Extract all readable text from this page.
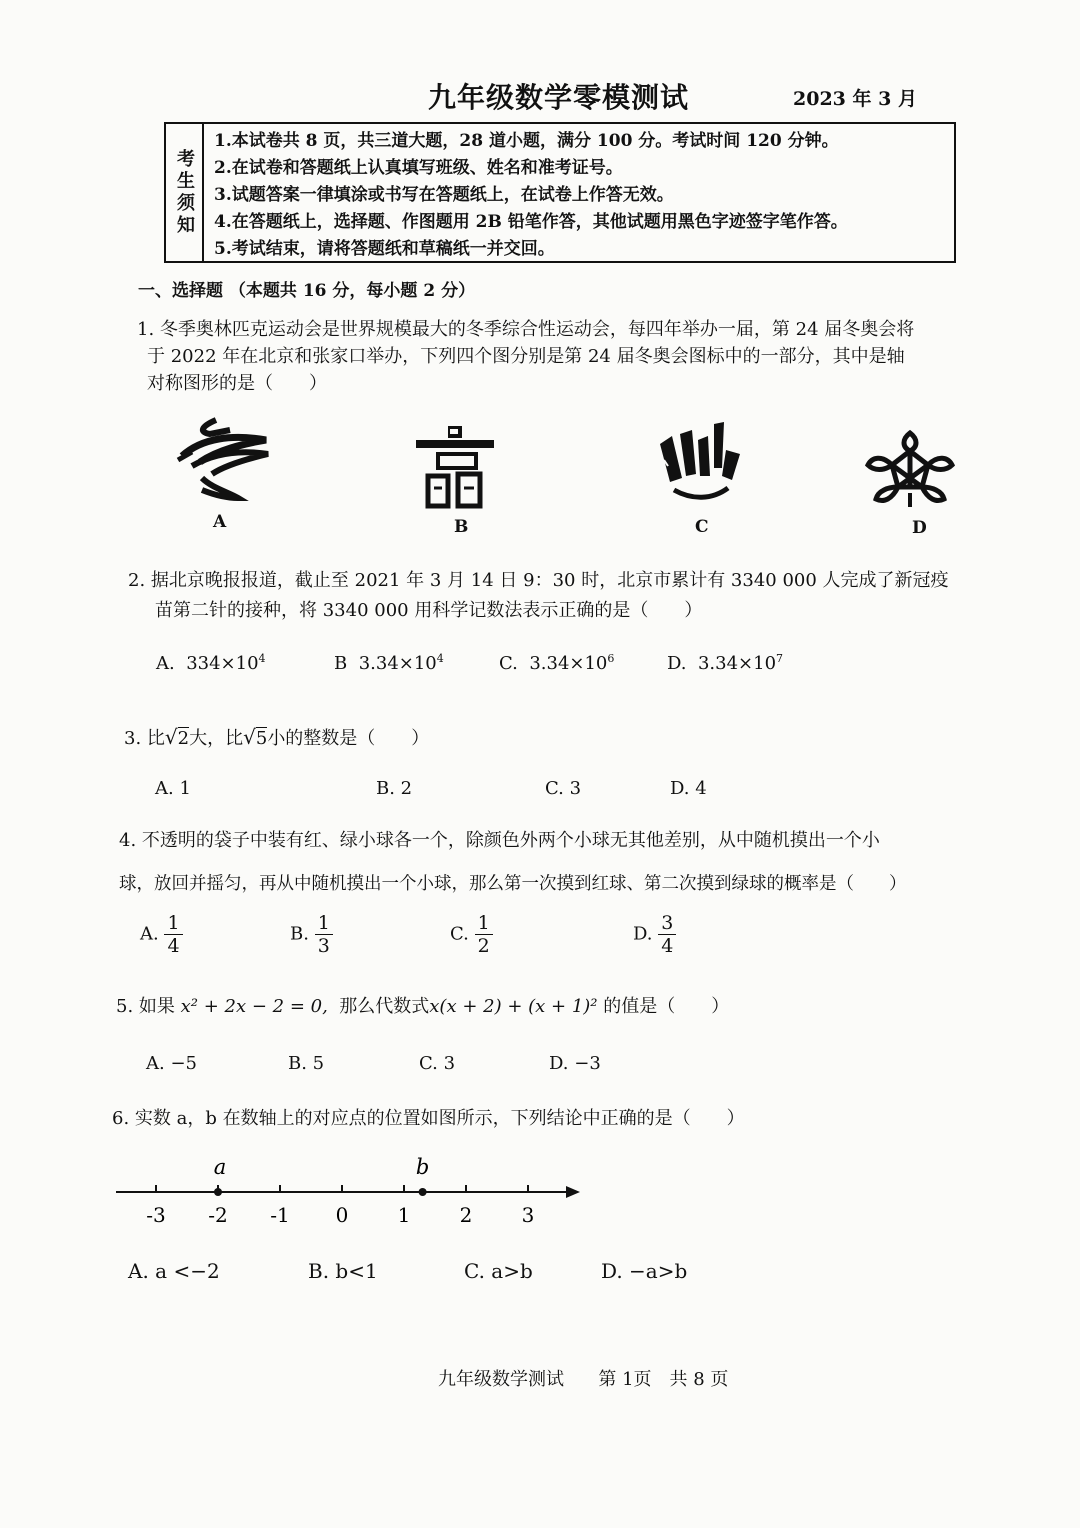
九年级数学零模测试	2023 年 3 月
考生须知
1.本试卷共 8 页，共三道大题，28 道小题，满分 100 分。考试时间 120 分钟。
2.在试卷和答题纸上认真填写班级、姓名和准考证号。
3.试题答案一律填涂或书写在答题纸上，在试卷上作答无效。
4.在答题纸上，选择题、作图题用 2B 铅笔作答，其他试题用黑色字迹签字笔作答。
5.考试结束，请将答题纸和草稿纸一并交回。
一、选择题 （本题共 16 分，每小题 2 分）
1. 冬季奥林匹克运动会是世界规模最大的冬季综合性运动会，每四年举办一届，第 24 届冬奥会将
于 2022 年在北京和张家口举办，下列四个图分别是第 24 届冬奥会图标中的一部分，其中是轴
对称图形的是（　　）
A	B	C	D
2. 据北京晚报报道，截止至 2021 年 3 月 14 日 9：30 时，北京市累计有 3340 000 人完成了新冠疫
苗第二针的接种，将 3340 000 用科学记数法表示正确的是（　　）
A. $334\times 10^4$	B $3.34\times 10^4$	C. $3.34\times 10^6$	D. $3.34\times 10^7$
3. 比√2大，比√5小的整数是（　　）
A. 1	B. 2	C. 3	D. 4
4. 不透明的袋子中装有红、绿小球各一个，除颜色外两个小球无其他差别，从中随机摸出一个小
球，放回并摇匀，再从中随机摸出一个小球，那么第一次摸到红球、第二次摸到绿球的概率是（　　）
A. $\frac{1}{4}$	B. $\frac{1}{3}$	C. $\frac{1}{2}$	D. $\frac{3}{4}$
5. 如果 x² + 2x − 2 = 0, 那么代数式x(x + 2) + (x + 1)² 的值是（　　）
A. −5	B. 5	C. 3	D. −3
6. 实数 a，b 在数轴上的对应点的位置如图所示，下列结论中正确的是（　　）
-3 -2 -1 0 1 2 3
a	b
A. a <−2	B. b<1	C. a>b	D. −a>b
九年级数学测试 第 1页　共 8 页
